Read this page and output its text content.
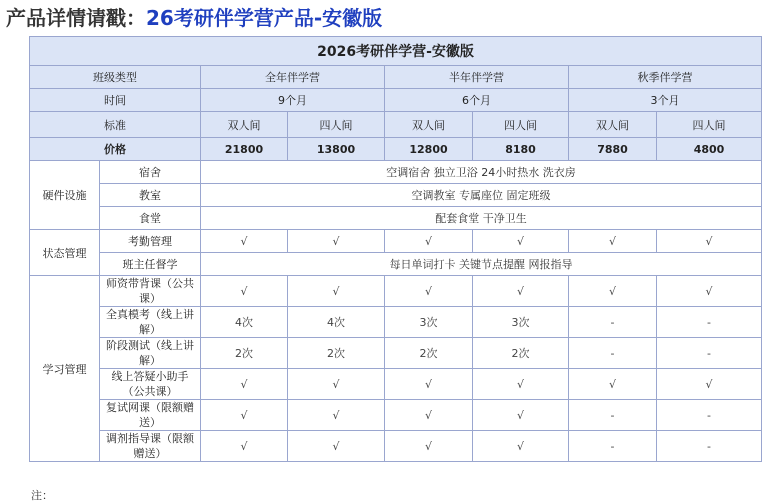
产品详情请戳：26考研伴学营产品-安徽版
2026考研伴学营-安徽版							
班级类型		全年伴学营		半年伴学营		秋季伴学营	
时间		9个月		6个月		3个月	
标准		双人间	四人间	双人间	四人间	双人间	四人间
价格		21800	13800	12800	8180	7880	4800
硬件设施	宿舍	空调宿舍 独立卫浴 24小时热水 洗衣房					
	教室	空调教室 专属座位 固定班级					
	食堂	配套食堂 干净卫生					
状态管理	考勤管理	√	√	√	√	√	√
	班主任督学	每日单词打卡 关键节点提醒 网报指导					
学习管理	师资带背课（公共课）	√	√	√	√	√	√
	全真模考（线上讲解）	4次	4次	3次	3次	-	-
	阶段测试（线上讲解）	2次	2次	2次	2次	-	-
	线上答疑小助手（公共课）	√	√	√	√	√	√
	复试网课（限额赠送）	√	√	√	√	-	-
	调剂指导课（限额赠送）	√	√	√	√	-	-
注：
